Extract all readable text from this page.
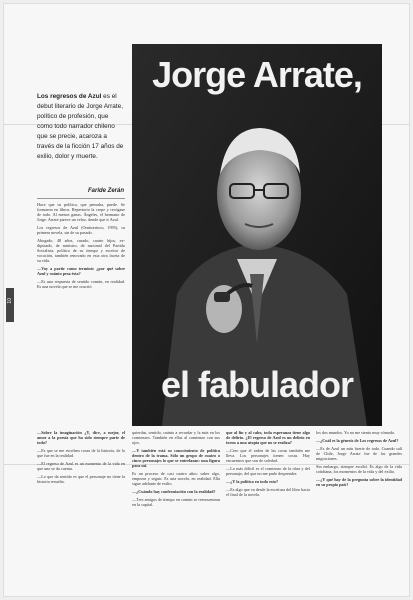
Jorge Arrate,
el fabulador
Los regresos de Azul es el debut literario de Jorge Arrate, político de profesión, que como todo narrador chileno que se precie, acaroza a través de la ficción 17 años de exilio, dolor y muerte.
Faride Zerán
10

Hace que su política, que pensaba, puede. Se formaron en libros. Repertorio la crepe y recógase de todo. Al menos ganas. Ángeles, el hermano de Jorge. Arrate parece un veloz, donde que ir Azul.

Los regresos de Azul (Ornitorrinco, 1995), su primera novela, sin de su pasado.

Abogado, 48 años, casado, cuatro hijos, ex-diputado, de ministro, de nacional del Partido Socialista, político de su tiempo y escritor de vocación, también renovado en esta otra faceta de su vida.

—Voy a partir como terminó: ¿por qué sobre Azul y cuánto pesa ésta?

—Es una respuesta de sentido común, en realidad. Es una novela que se me ocurrió.

—Sobre la imaginación ¿Y, dice, a mejor, el amor a la poesía que ha sido siempre parte de todo?

—Es que se me escriben cosas de la historia, de lo que fue en la realidad.

—El regreso de Azul es un momento de la vida en que uno se da cuenta.

—Lo que da sentido es que el personaje no tiene la historia resuelta.

quierdas, sentido, cuánto a recordar y la más en los comienzos. También en ellas al comienzo con sus ojos.

—Y también está su conocimiento de política dentro de la trama. Sólo un grupo de cuatro o cinco personajes lo que se entrelazan: una figura para mí.

Es un proceso de casi cuatro años: saber algo, empezar y seguir. Es una novela, en realidad. Ella sigue adelante de exilio.

—¿Cuándo hay confrontación con la realidad?

—Tres amigos de tiempo en común se reencuentran en la capital.

que al fin y al cabo, toda esperanza tiene algo de delirio. ¿El regreso de Azul es un delirio en torno a una utopía que no se realiza?

—Creo que el orden de las cosas también me lleva. Los personajes tienen cosas. Hay encuentros que son de soledad.

—Lo más difícil es el comienzo de la obra y del personaje, del que no me pude desprender.

—¿Y la política en todo esto?

—Es algo que va desde la escritura del libro hacia el final de la novela.

los dos mundos. Yo no me siento muy cómodo.

—¿Cuál es la génesis de Los regresos de Azul?

—Es de Azul un más fuerte de todo. Cuando salí de Chile, Jorge Arrate fue de las grandes migraciones.

Sin embargo, siempre escribí. Es algo de la vida cotidiana, los momentos de la vida y del exilio.

—¿Y qué hay de la pregunta sobre la identidad en su propio país?
